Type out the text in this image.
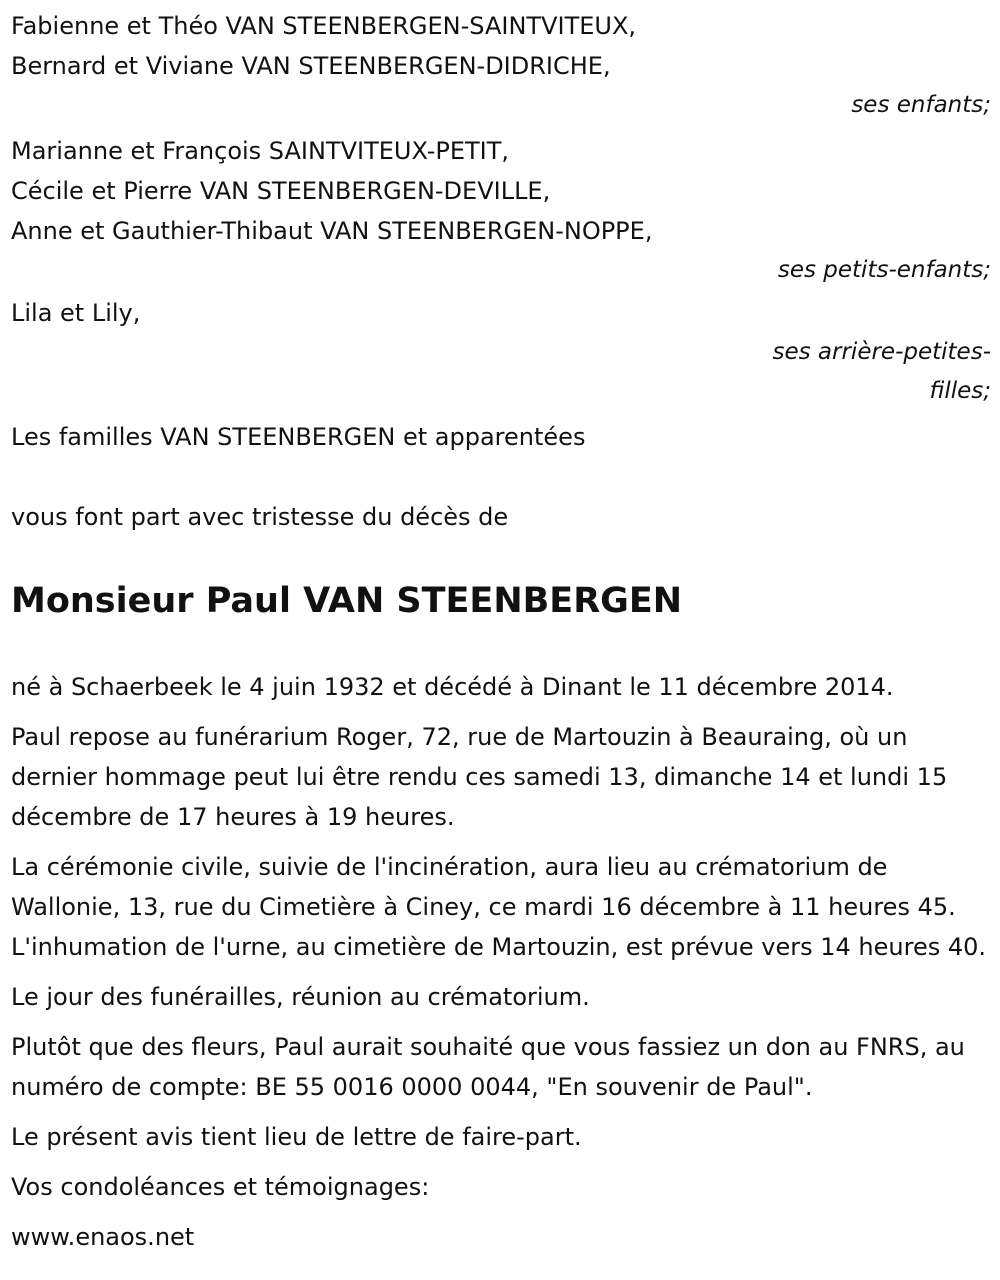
Fabienne et Théo VAN STEENBERGEN-SAINTVITEUX,
Bernard et Viviane VAN STEENBERGEN-DIDRICHE,
ses enfants;
Marianne et François SAINTVITEUX-PETIT,
Cécile et Pierre VAN STEENBERGEN-DEVILLE,
Anne et Gauthier-Thibaut VAN STEENBERGEN-NOPPE,
ses petits-enfants;
Lila et Lily,
ses arrière-petites-
filles;
Les familles VAN STEENBERGEN et apparentées
vous font part avec tristesse du décès de
Monsieur Paul VAN STEENBERGEN

né à Schaerbeek le 4 juin 1932 et décédé à Dinant le 11 décembre 2014.

Paul repose au funérarium Roger, 72, rue de Martouzin à Beauraing, où un dernier hommage peut lui être rendu ces samedi 13, dimanche 14 et lundi 15 décembre de 17 heures à 19 heures.

La cérémonie civile, suivie de l'incinération, aura lieu au crématorium de Wallonie, 13, rue du Cimetière à Ciney, ce mardi 16 décembre à 11 heures 45. L'inhumation de l'urne, au cimetière de Martouzin, est prévue vers 14 heures 40.

Le jour des funérailles, réunion au crématorium.

Plutôt que des fleurs, Paul aurait souhaité que vous fassiez un don au FNRS, au numéro de compte: BE 55 0016 0000 0044, "En souvenir de Paul".

Le présent avis tient lieu de lettre de faire-part.

Vos condoléances et témoignages:

www.enaos.net
